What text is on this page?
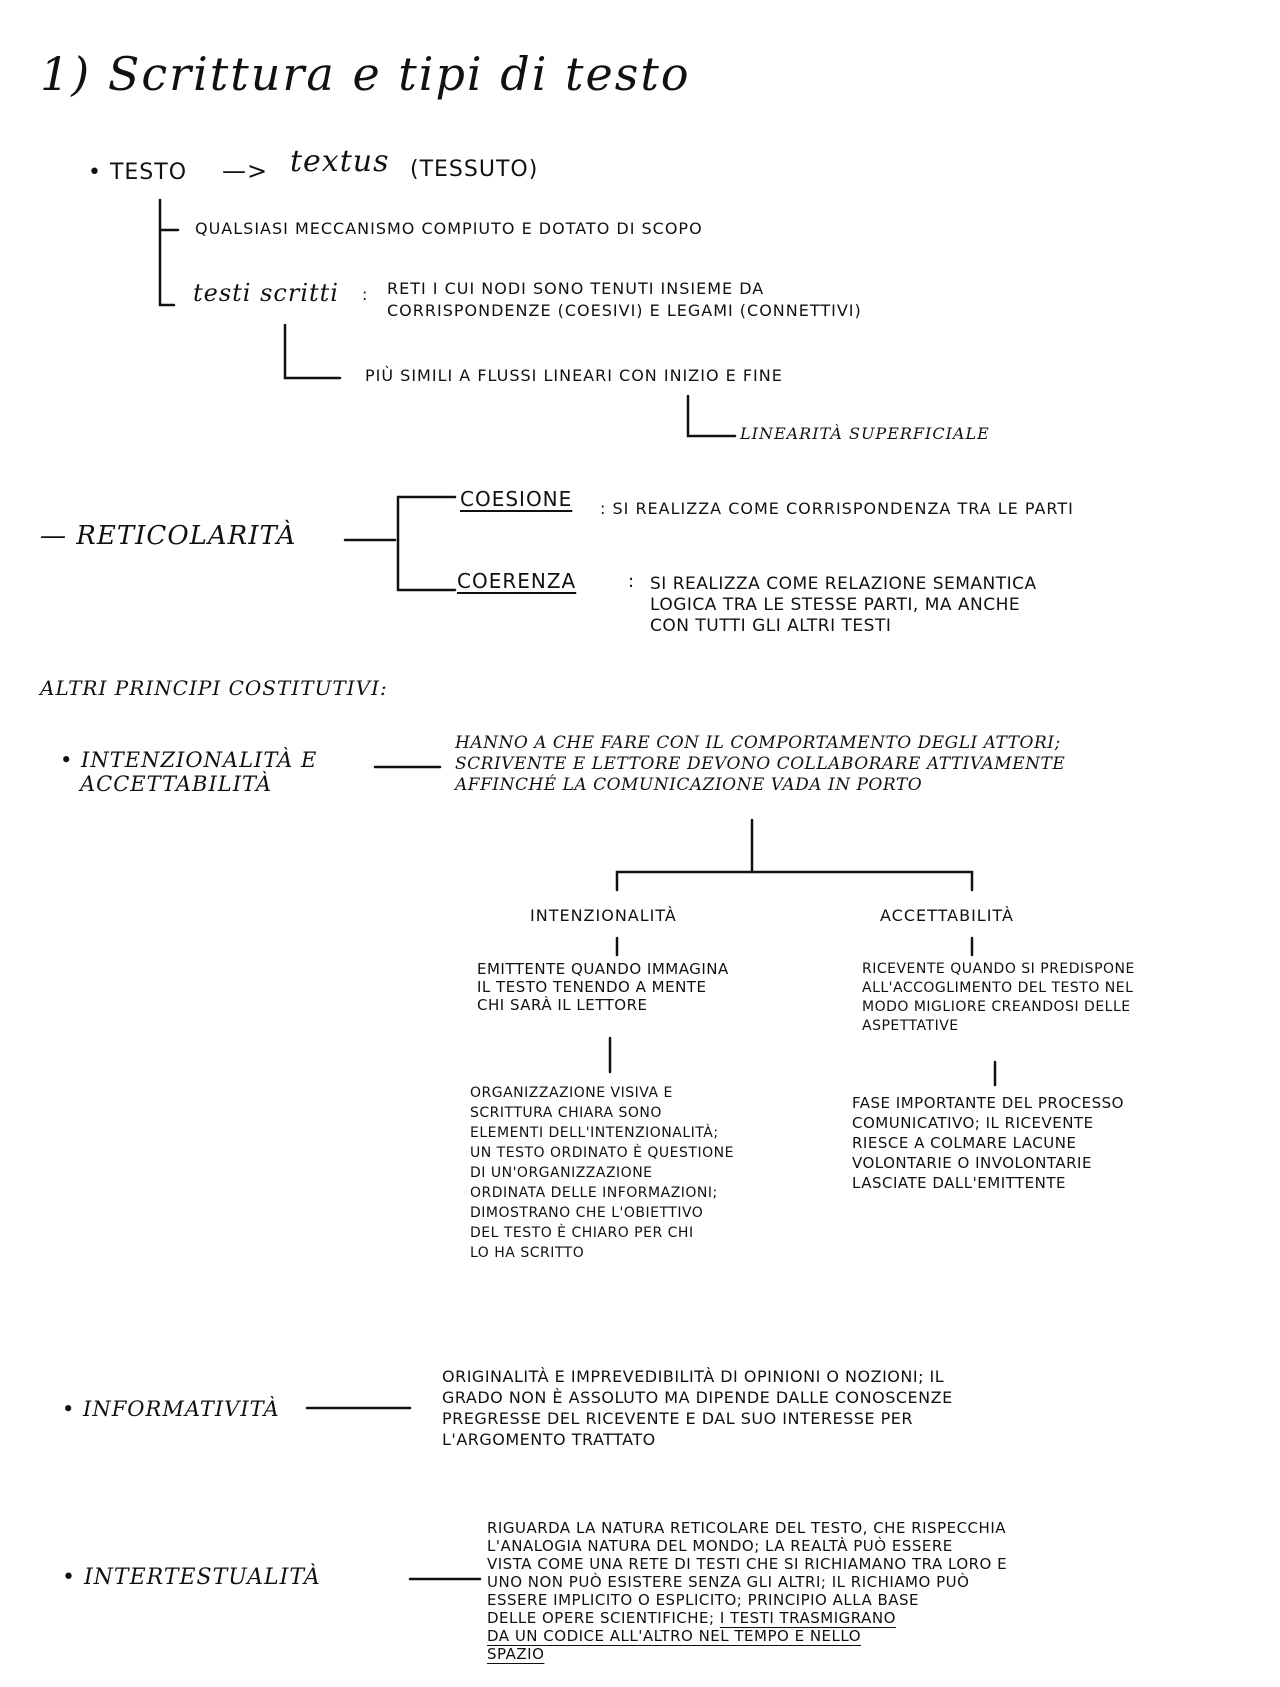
1) Scrittura e tipi di testo
• TESTO —> textus (TESSUTO)
QUALSIASI MECCANISMO COMPIUTO E DOTATO DI SCOPO
testi scritti : RETI I CUI NODI SONO TENUTI INSIEME DA
CORRISPONDENZE (COESIVI) E LEGAMI (CONNETTIVI)
PIÙ SIMILI A FLUSSI LINEARI CON INIZIO E FINE
LINEARITÀ SUPERFICIALE
— RETICOLARITÀ
COESIONE : SI REALIZZA COME CORRISPONDENZA TRA LE PARTI
COERENZA	: SI REALIZZA COME RELAZIONE SEMANTICA
LOGICA TRA LE STESSE PARTI, MA ANCHE
CON TUTTI GLI ALTRI TESTI
ALTRI PRINCIPI COSTITUTIVI:
• INTENZIONALITÀ E
ACCETTABILITÀ
HANNO A CHE FARE CON IL COMPORTAMENTO DEGLI ATTORI;
SCRIVENTE E LETTORE DEVONO COLLABORARE ATTIVAMENTE
AFFINCHÉ LA COMUNICAZIONE VADA IN PORTO
INTENZIONALITÀ
EMITTENTE QUANDO IMMAGINA
IL TESTO TENENDO A MENTE
CHI SARÀ IL LETTORE
ORGANIZZAZIONE VISIVA E
SCRITTURA CHIARA SONO
ELEMENTI DELL'INTENZIONALITÀ;
UN TESTO ORDINATO È QUESTIONE
DI UN'ORGANIZZAZIONE
ORDINATA DELLE INFORMAZIONI;
DIMOSTRANO CHE L'OBIETTIVO
DEL TESTO È CHIARO PER CHI
LO HA SCRITTO
ACCETTABILITÀ
RICEVENTE QUANDO SI PREDISPONE
ALL'ACCOGLIMENTO DEL TESTO NEL
MODO MIGLIORE CREANDOSI DELLE
ASPETTATIVE
FASE IMPORTANTE DEL PROCESSO
COMUNICATIVO; IL RICEVENTE
RIESCE A COLMARE LACUNE
VOLONTARIE O INVOLONTARIE
LASCIATE DALL'EMITTENTE
• INFORMATIVITÀ
ORIGINALITÀ E IMPREVEDIBILITÀ DI OPINIONI O NOZIONI; IL
GRADO NON È ASSOLUTO MA DIPENDE DALLE CONOSCENZE
PREGRESSE DEL RICEVENTE E DAL SUO INTERESSE PER
L'ARGOMENTO TRATTATO
• INTERTESTUALITÀ
RIGUARDA LA NATURA RETICOLARE DEL TESTO, CHE RISPECCHIA
L'ANALOGIA NATURA DEL MONDO; LA REALTÀ PUÒ ESSERE
VISTA COME UNA RETE DI TESTI CHE SI RICHIAMANO TRA LORO E
UNO NON PUÒ ESISTERE SENZA GLI ALTRI; IL RICHIAMO PUÒ
ESSERE IMPLICITO O ESPLICITO; PRINCIPIO ALLA BASE
DELLE OPERE SCIENTIFICHE; I TESTI TRASMIGRANO
DA UN CODICE ALL'ALTRO NEL TEMPO E NELLO
SPAZIO
